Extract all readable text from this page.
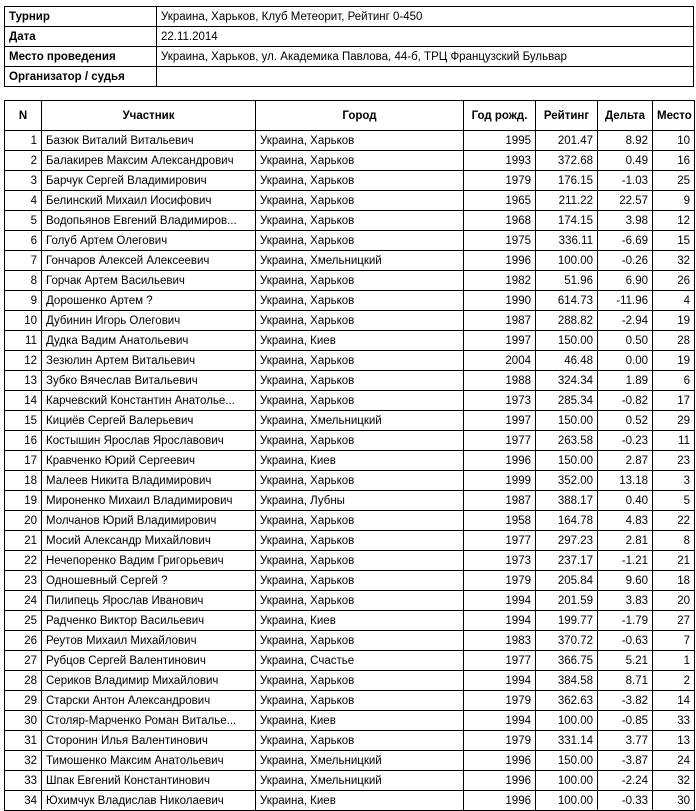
Турнир	Украина, Харьков, Клуб Метеорит, Рейтинг 0-450
Дата	22.11.2014
Место проведения	Украина, Харьков, ул. Академика Павлова, 44-б, ТРЦ Французский Бульвар
Организатор / судья	
N	Участник	Город	Год рожд.	Рейтинг	Дельта	Место
1	Базюк Виталий Витальевич	Украина, Харьков	1995	201.47	8.92	10
2	Балакирев Максим Александрович	Украина, Харьков	1993	372.68	0.49	16
3	Барчук Сергей Владимирович	Украина, Харьков	1979	176.15	-1.03	25
4	Белинский Михаил Иосифович	Украина, Харьков	1965	211.22	22.57	9
5	Водопьянов Евгений Владимиров...	Украина, Харьков	1968	174.15	3.98	12
6	Голуб Артем Олегович	Украина, Харьков	1975	336.11	-6.69	15
7	Гончаров Алексей Алексеевич	Украина, Хмельницкий	1996	100.00	-0.26	32
8	Горчак Артем Васильевич	Украина, Харьков	1982	51.96	6.90	26
9	Дорошенко Артем ?	Украина, Харьков	1990	614.73	-11.96	4
10	Дубинин Игорь Олегович	Украина, Харьков	1987	288.82	-2.94	19
11	Дудка Вадим Анатольевич	Украина, Киев	1997	150.00	0.50	28
12	Зезюлин Артем Витальевич	Украина, Харьков	2004	46.48	0.00	19
13	Зубко Вячеслав Витальевич	Украина, Харьков	1988	324.34	1.89	6
14	Карчевский Константин Анатолье...	Украина, Харьков	1973	285.34	-0.82	17
15	Кициёв Сергей Валерьевич	Украина, Хмельницкий	1997	150.00	0.52	29
16	Костышин Ярослав Ярославович	Украина, Харьков	1977	263.58	-0.23	11
17	Кравченко Юрий Сергеевич	Украина, Киев	1996	150.00	2.87	23
18	Малеев Никита Владимирович	Украина, Харьков	1999	352.00	13.18	3
19	Мироненко Михаил Владимирович	Украина, Лубны	1987	388.17	0.40	5
20	Молчанов Юрий Владимирович	Украина, Харьков	1958	164.78	4.83	22
21	Мосий Александр Михайлович	Украина, Харьков	1977	297.23	2.81	8
22	Нечепоренко Вадим Григорьевич	Украина, Харьков	1973	237.17	-1.21	21
23	Одношевный Сергей ?	Украина, Харьков	1979	205.84	9.60	18
24	Пилипець Ярослав Иванович	Украина, Харьков	1994	201.59	3.83	20
25	Радченко Виктор Васильевич	Украина, Киев	1994	199.77	-1.79	27
26	Реутов Михаил Михайлович	Украина, Харьков	1983	370.72	-0.63	7
27	Рубцов Сергей Валентинович	Украина, Счастье	1977	366.75	5.21	1
28	Сериков Владимир Михайлович	Украина, Харьков	1994	384.58	8.71	2
29	Старски Антон Александрович	Украина, Харьков	1979	362.63	-3.82	14
30	Столяр-Марченко Роман Виталье...	Украина, Киев	1994	100.00	-0.85	33
31	Сторонин Илья Валентинович	Украина, Харьков	1979	331.14	3.77	13
32	Тимошенко Максим Анатольевич	Украина, Хмельницкий	1996	150.00	-3.87	24
33	Шпак Евгений Константинович	Украина, Хмельницкий	1996	100.00	-2.24	32
34	Юхимчук Владислав Николаевич	Украина, Киев	1996	100.00	-0.33	30
